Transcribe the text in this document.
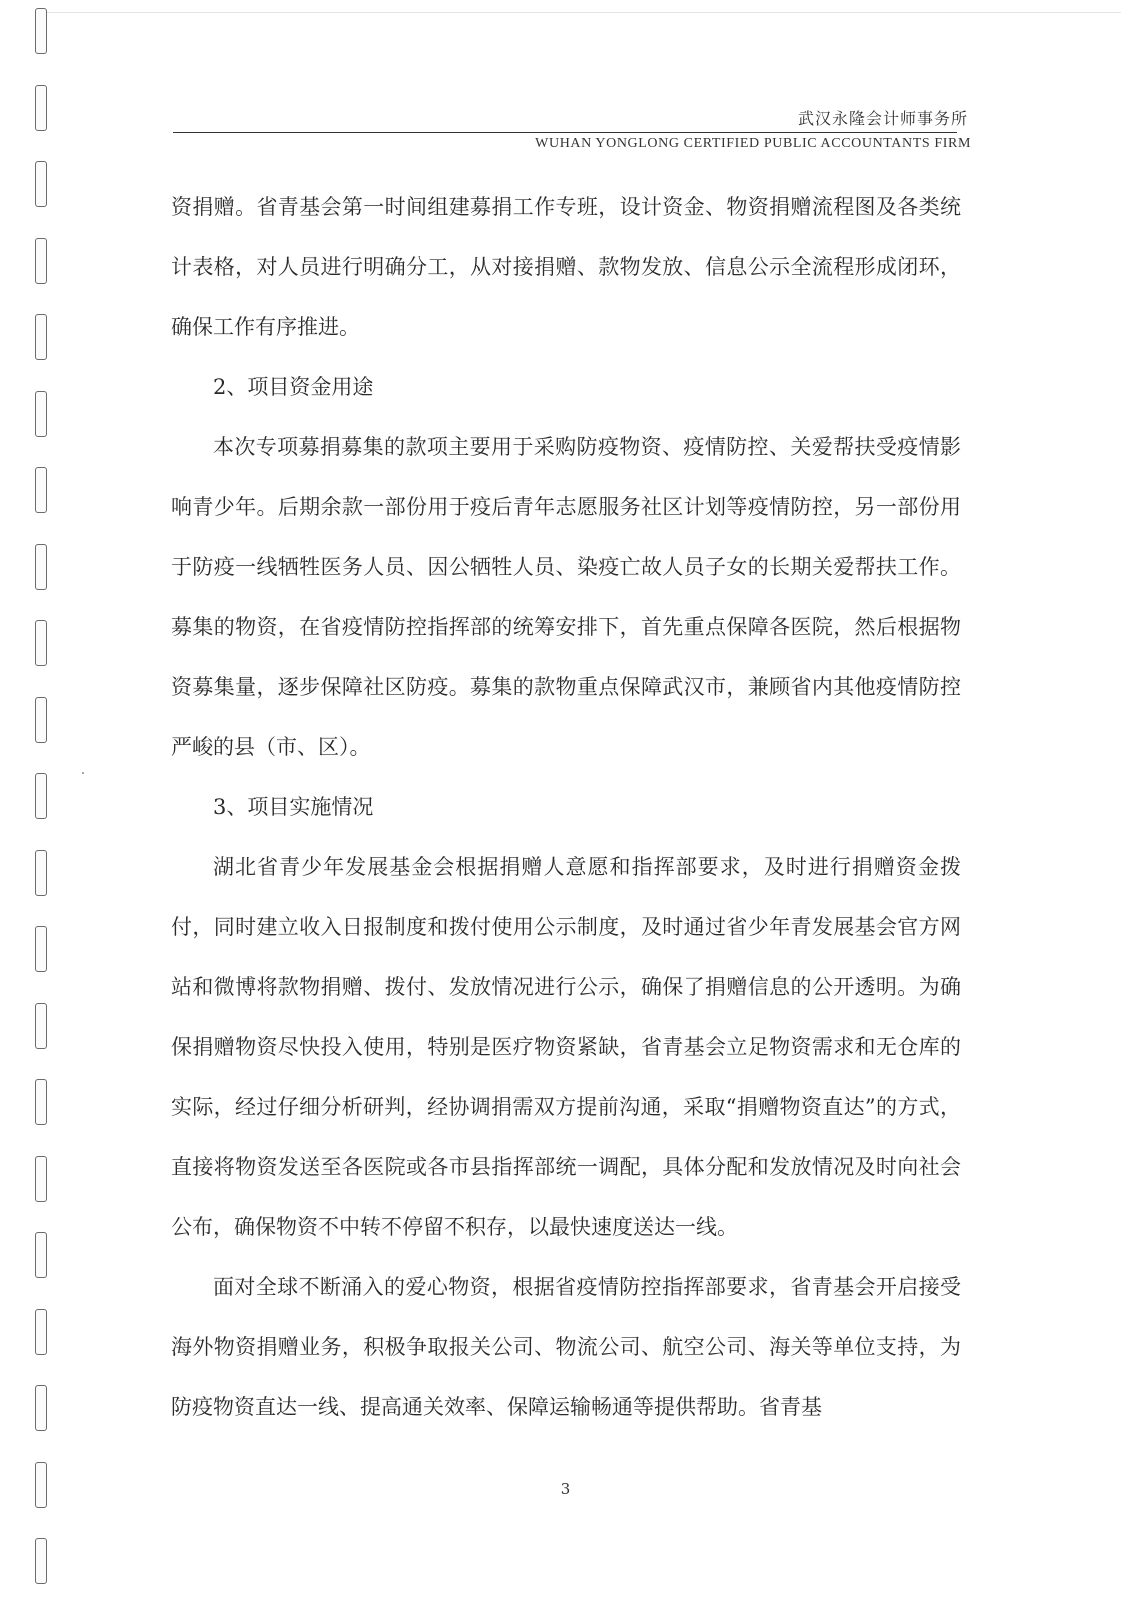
武汉永隆会计师事务所
WUHAN YONGLONG CERTIFIED PUBLIC ACCOUNTANTS FIRM

资捐赠。省青基会第一时间组建募捐工作专班，设计资金、物资捐赠流程图及各类统计表格，对人员进行明确分工，从对接捐赠、款物发放、信息公示全流程形成闭环，确保工作有序推进。

2、项目资金用途

本次专项募捐募集的款项主要用于采购防疫物资、疫情防控、关爱帮扶受疫情影响青少年。后期余款一部份用于疫后青年志愿服务社区计划等疫情防控，另一部份用于防疫一线牺牲医务人员、因公牺牲人员、染疫亡故人员子女的长期关爱帮扶工作。募集的物资，在省疫情防控指挥部的统筹安排下，首先重点保障各医院，然后根据物资募集量，逐步保障社区防疫。募集的款物重点保障武汉市，兼顾省内其他疫情防控严峻的县（市、区）。

3、项目实施情况

湖北省青少年发展基金会根据捐赠人意愿和指挥部要求，及时进行捐赠资金拨付，同时建立收入日报制度和拨付使用公示制度，及时通过省少年青发展基会官方网站和微博将款物捐赠、拨付、发放情况进行公示，确保了捐赠信息的公开透明。为确保捐赠物资尽快投入使用，特别是医疗物资紧缺，省青基会立足物资需求和无仓库的实际，经过仔细分析研判，经协调捐需双方提前沟通，采取“捐赠物资直达”的方式，直接将物资发送至各医院或各市县指挥部统一调配，具体分配和发放情况及时向社会公布，确保物资不中转不停留不积存，以最快速度送达一线。

面对全球不断涌入的爱心物资，根据省疫情防控指挥部要求，省青基会开启接受海外物资捐赠业务，积极争取报关公司、物流公司、航空公司、海关等单位支持，为防疫物资直达一线、提高通关效率、保障运输畅通等提供帮助。省青基

3
